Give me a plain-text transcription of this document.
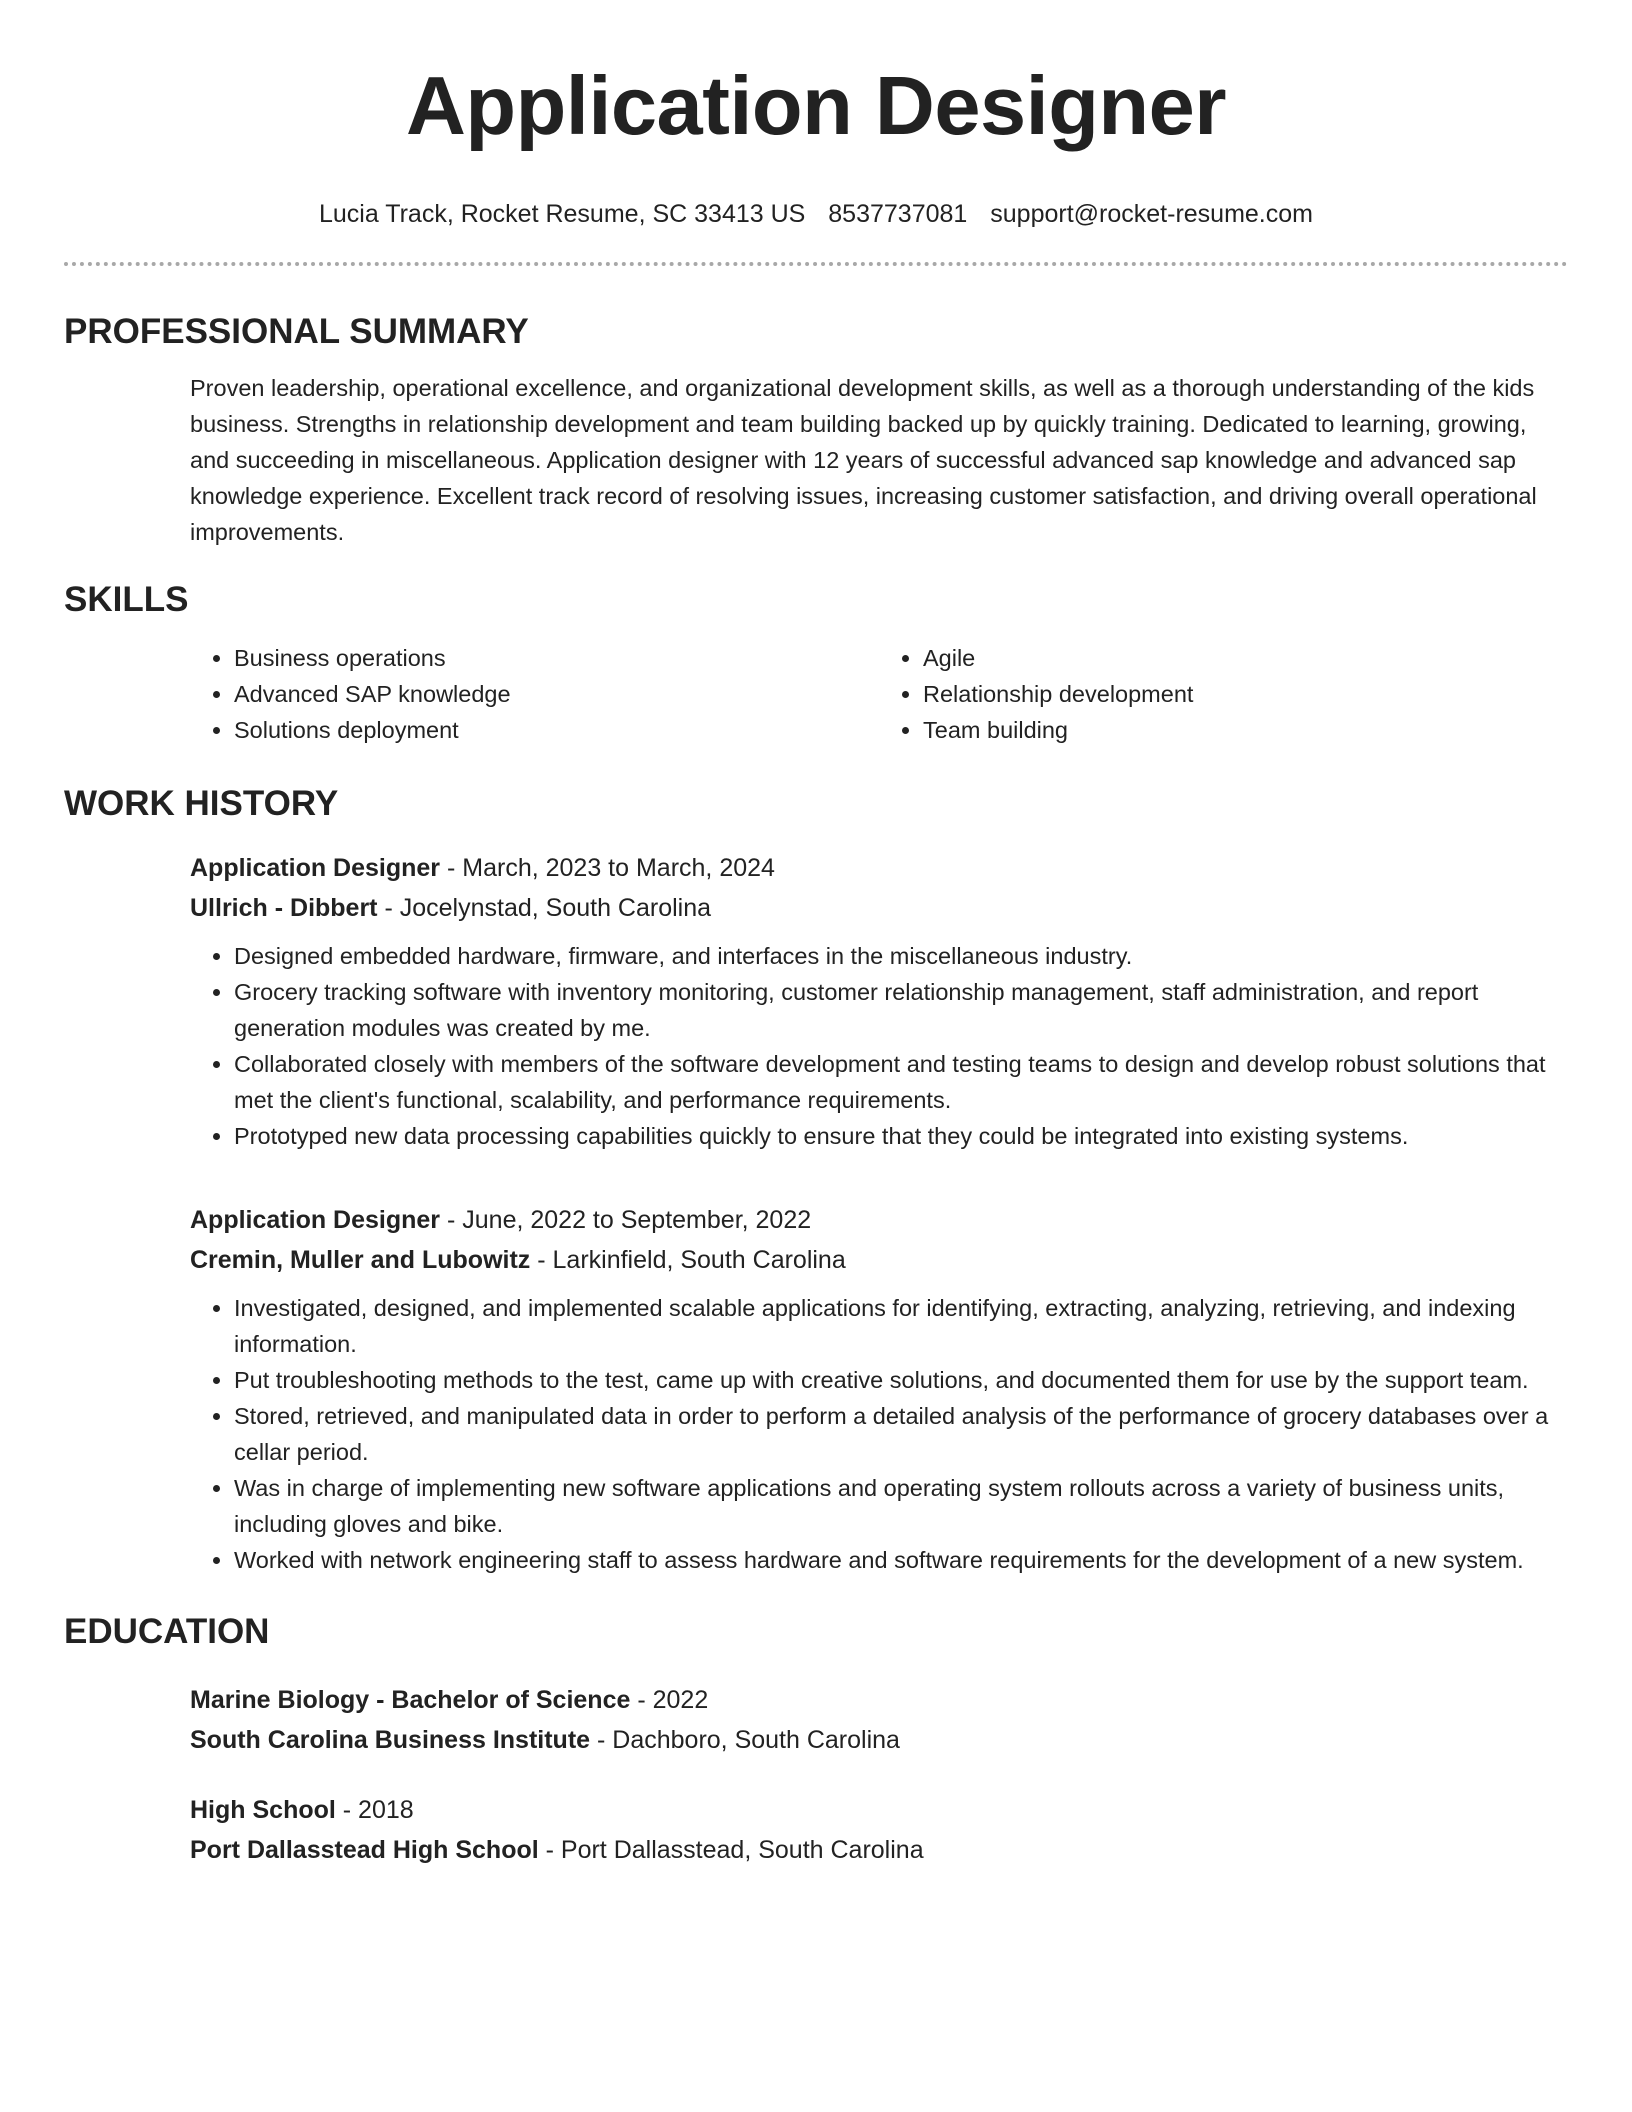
Application Designer
Lucia Track, Rocket Resume, SC 33413 US 8537737081 support@rocket-resume.com
PROFESSIONAL SUMMARY

Proven leadership, operational excellence, and organizational development skills, as well as a thorough understanding of the kids business. Strengths in relationship development and team building backed up by quickly training. Dedicated to learning, growing, and succeeding in miscellaneous. Application designer with 12 years of successful advanced sap knowledge and advanced sap knowledge experience. Excellent track record of resolving issues, increasing customer satisfaction, and driving overall operational improvements.

SKILLS
• Business operations
• Advanced SAP knowledge
• Solutions deployment
• Agile
• Relationship development
• Team building
WORK HISTORY
Application Designer - March, 2023 to March, 2024
Ullrich - Dibbert - Jocelynstad, South Carolina
• Designed embedded hardware, firmware, and interfaces in the miscellaneous industry.
• Grocery tracking software with inventory monitoring, customer relationship management, staff administration, and report generation modules was created by me.
• Collaborated closely with members of the software development and testing teams to design and develop robust solutions that met the client's functional, scalability, and performance requirements.
• Prototyped new data processing capabilities quickly to ensure that they could be integrated into existing systems.
Application Designer - June, 2022 to September, 2022
Cremin, Muller and Lubowitz - Larkinfield, South Carolina
• Investigated, designed, and implemented scalable applications for identifying, extracting, analyzing, retrieving, and indexing information.
• Put troubleshooting methods to the test, came up with creative solutions, and documented them for use by the support team.
• Stored, retrieved, and manipulated data in order to perform a detailed analysis of the performance of grocery databases over a cellar period.
• Was in charge of implementing new software applications and operating system rollouts across a variety of business units, including gloves and bike.
• Worked with network engineering staff to assess hardware and software requirements for the development of a new system.
EDUCATION
Marine Biology - Bachelor of Science - 2022
South Carolina Business Institute - Dachboro, South Carolina
High School - 2018
Port Dallasstead High School - Port Dallasstead, South Carolina
